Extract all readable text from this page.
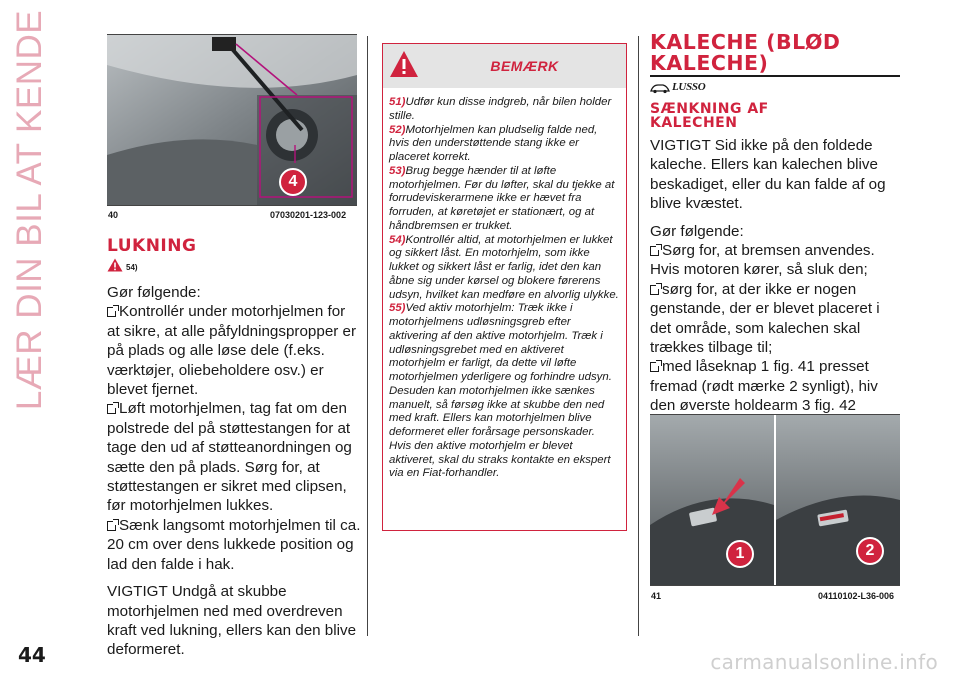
LÆR DIN BIL AT KENDE
44	carmanualsonline.info
4
40	07030201-123-002
LUKNING
54)

Gør følgende:

Kontrollér under motorhjelmen for at sikre, at alle påfyldningspropper er på plads og alle løse dele (f.eks. værktøjer, oliebeholdere osv.) er blevet fjernet.

Løft motorhjelmen, tag fat om den polstrede del på støttestangen for at tage den ud af støtteanordningen og sætte den på plads. Sørg for, at støttestangen er sikret med clipsen, før motorhjelmen lukkes.

Sænk langsomt motorhjelmen til ca. 20 cm over dens lukkede position og lad den falde i hak.

VIGTIGT Undgå at skubbe motorhjelmen ned med overdreven kraft ved lukning, ellers kan den blive deformeret.

BEMÆRK

51)Udfør kun disse indgreb, når bilen holder stille.

52)Motorhjelmen kan pludselig falde ned, hvis den understøttende stang ikke er placeret korrekt.

53)Brug begge hænder til at løfte motorhjelmen. Før du løfter, skal du tjekke at forrudeviskerarmene ikke er hævet fra forruden, at køretøjet er stationært, og at håndbremsen er trukket.

54)Kontrollér altid, at motorhjelmen er lukket og sikkert låst. En motorhjelm, som ikke lukket og sikkert låst er farlig, idet den kan åbne sig under kørsel og blokere førerens udsyn, hvilket kan medføre en alvorlig ulykke.

55)Ved aktiv motorhjelm: Træk ikke i motorhjelmens udløsningsgreb efter aktivering af den aktive motorhjelm. Træk i udløsningsgrebet med en aktiveret motorhjelm er farligt, da dette vil løfte motorhjelmen yderligere og forhindre udsyn. Desuden kan motorhjelmen ikke sænkes manuelt, så førsøg ikke at skubbe den ned med kraft. Ellers kan motorhjelmen blive deformeret eller forårsage personskader. Hvis den aktive motorhjelm er blevet aktiveret, skal du straks kontakte en ekspert via en Fiat-forhandler.

KALECHE (BLØD
KALECHE)
LUSSO
SÆNKNING AF
KALECHEN

VIGTIGT Sid ikke på den foldede kaleche. Ellers kan kalechen blive beskadiget, eller du kan falde af og blive kvæstet.

Gør følgende:

Sørg for, at bremsen anvendes. Hvis motoren kører, så sluk den;

sørg for, at der ikke er nogen genstande, der er blevet placeret i det område, som kalechen skal trækkes tilbage til;

med låseknap 1 fig. 41 presset fremad (rødt mærke 2 synligt), hiv den øverste holdearm 3 fig. 42

1	2
41	04110102-L36-006
